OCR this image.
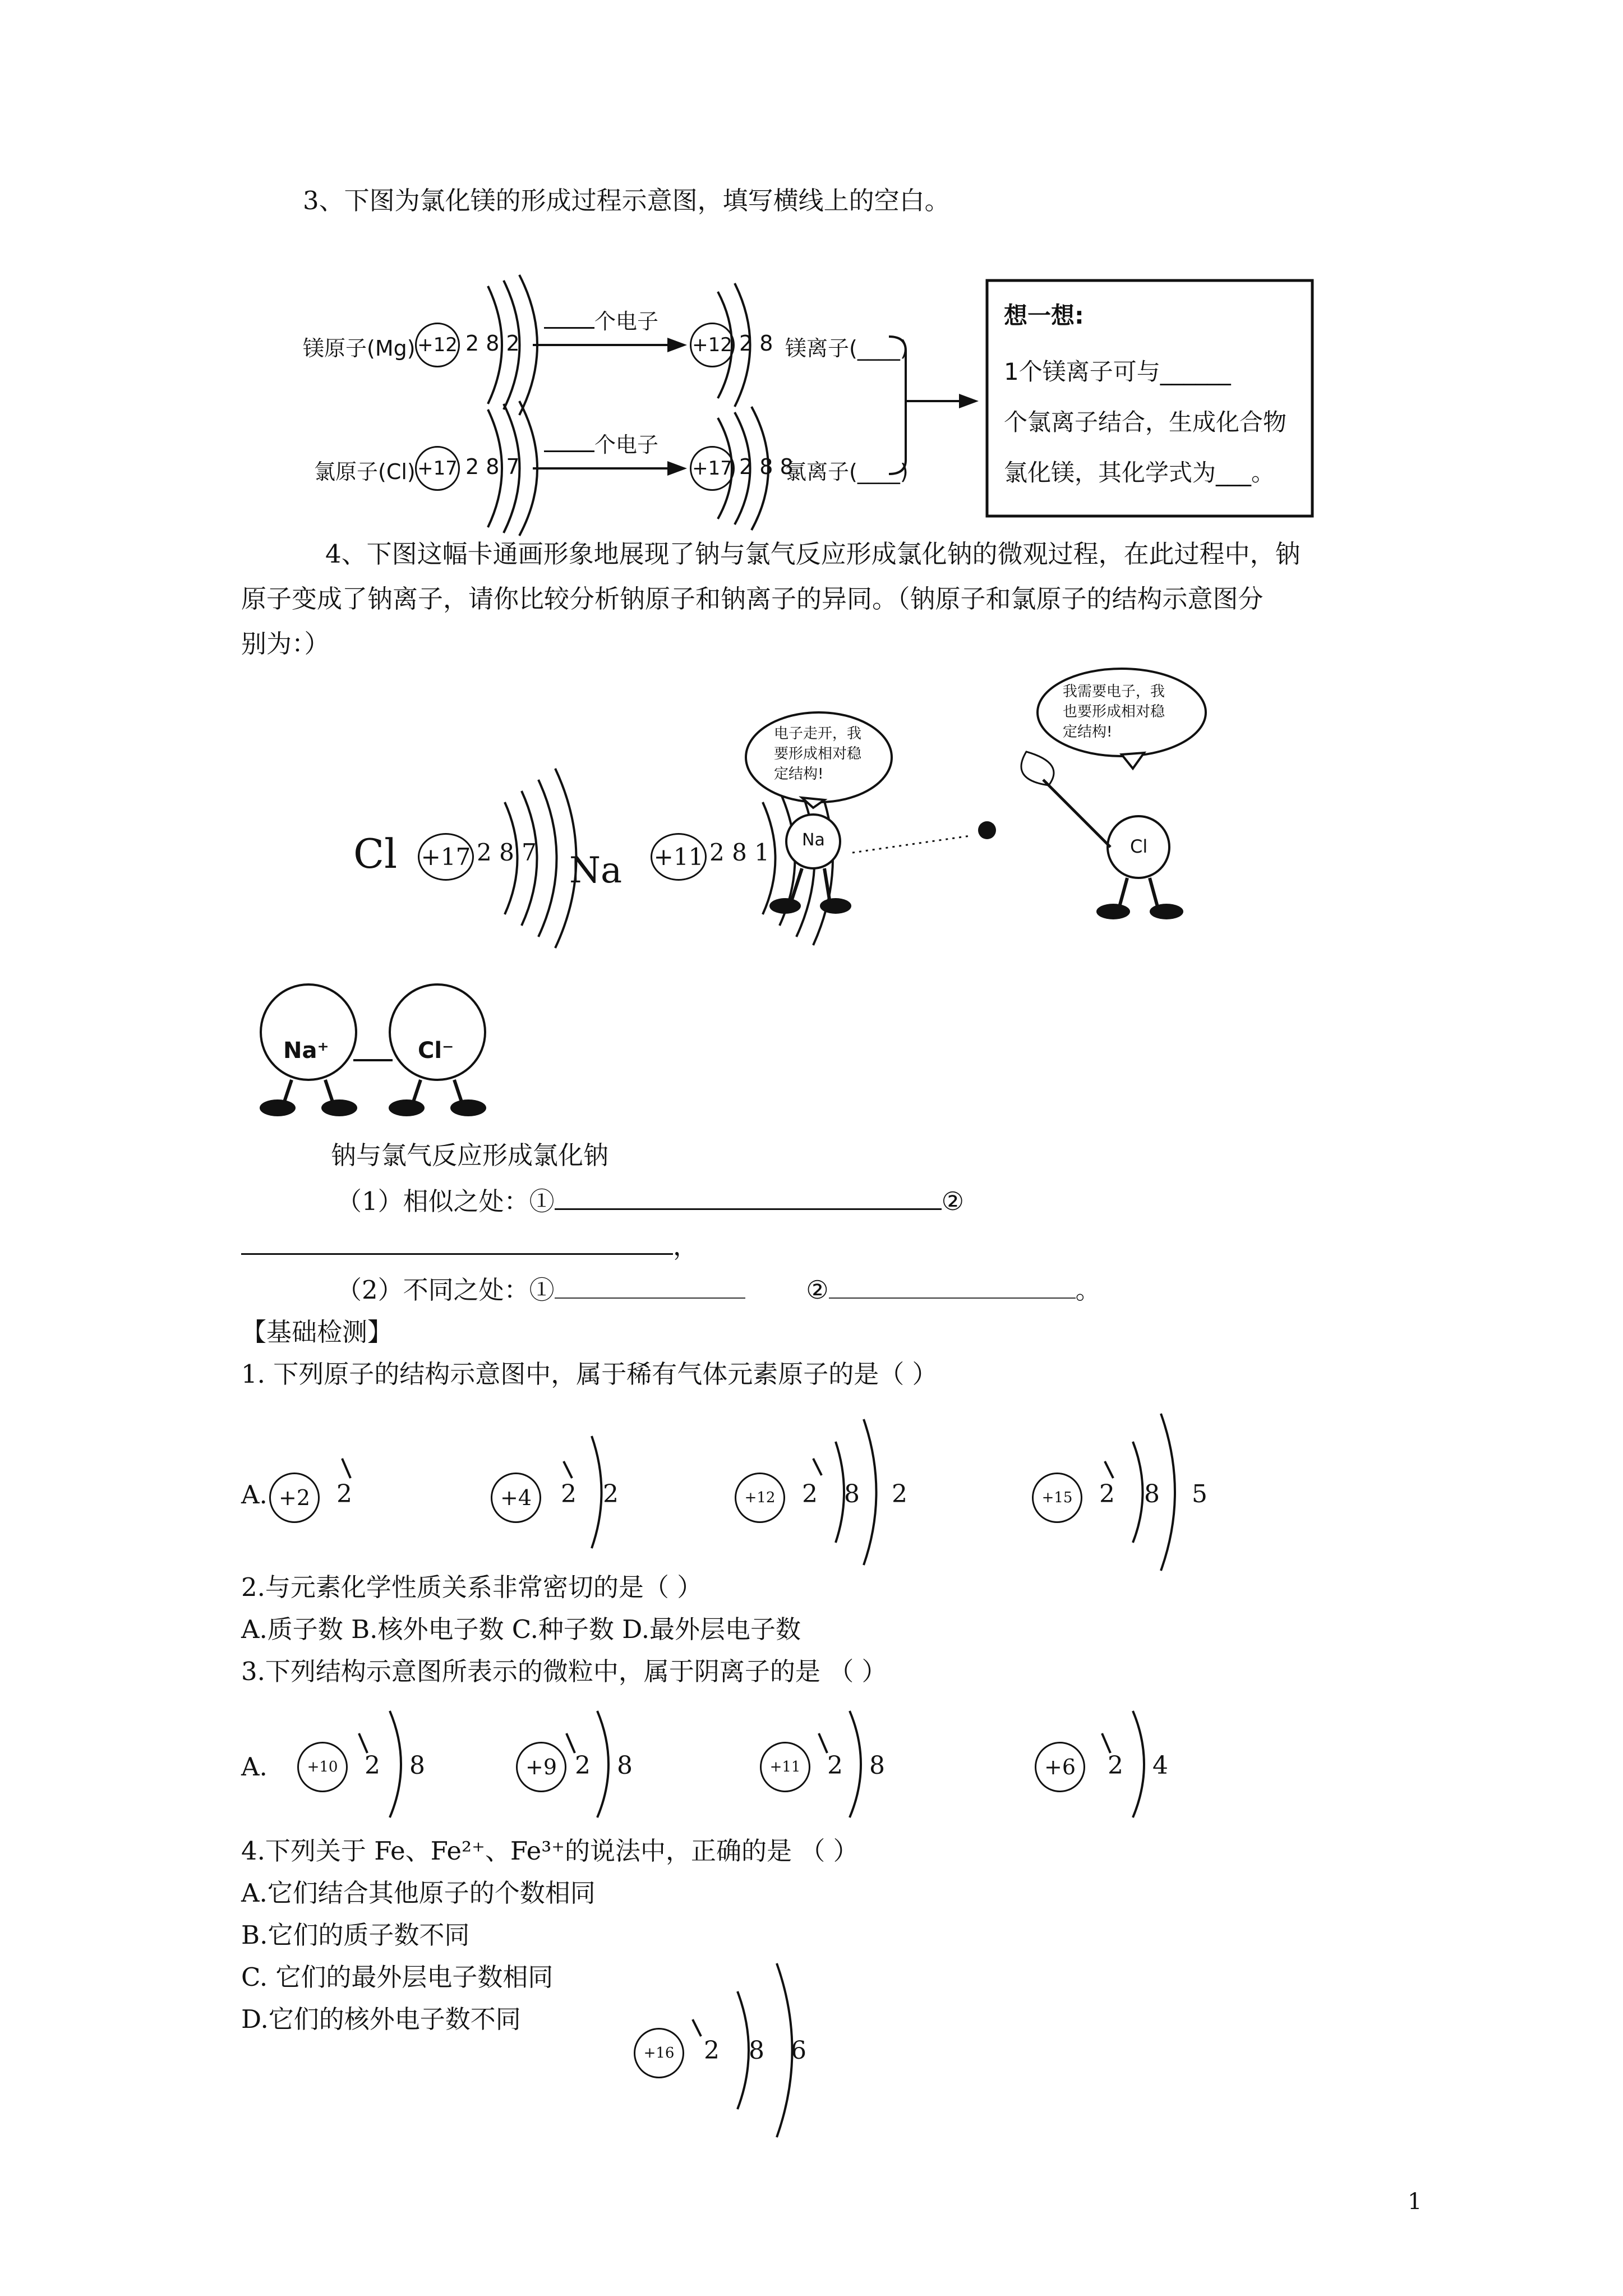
3、下图为氯化镁的形成过程示意图，填写横线上的空白。
镁原子(Mg) +12 2 8 2
个电子
+12 2 8 镁离子(____)
氯原子(Cl) +17 2 8 7
个电子
+17 2 8 8
氯离子(____)
想一想:
1个镁离子可与______
个氯离子结合，生成化合物
氯化镁，其化学式为___。
4、下图这幅卡通画形象地展现了钠与氯气反应形成氯化钠的微观过程，在此过程中，钠
原子变成了钠离子，请你比较分析钠原子和钠离子的异同。（钠原子和氯原子的结构示意图分
别为：）
Cl +17 2 8 7 Na +11 2 8 1 Na	Cl
电子走开，我
要形成相对稳
定结构!
我需要电子，我
也要形成相对稳
定结构!
Na⁺	Cl⁻
钠与氯气反应形成氯化钠
（1）相似之处：①	②
，
（2）不同之处：①	②	。
【基础检测】
1. 下列原子的结构示意图中，属于稀有气体元素原子的是（ ）
A. +2	2	+4	2 2	+12	2 8 2	+15	2 8 5
2.与元素化学性质关系非常密切的是（ ）
A.质子数 B.核外电子数 C.种子数 D.最外层电子数
3.下列结构示意图所表示的微粒中，属于阴离子的是 （ ）
A.	+10	2 8	+9 2 8	+11	2 8	+6	2 4
4.下列关于 Fe、Fe²⁺、Fe³⁺的说法中，正确的是 （ ）
A.它们结合其他原子的个数相同
B.它们的质子数不同
C. 它们的最外层电子数相同
D.它们的核外电子数不同
+16	2 8 6
1
